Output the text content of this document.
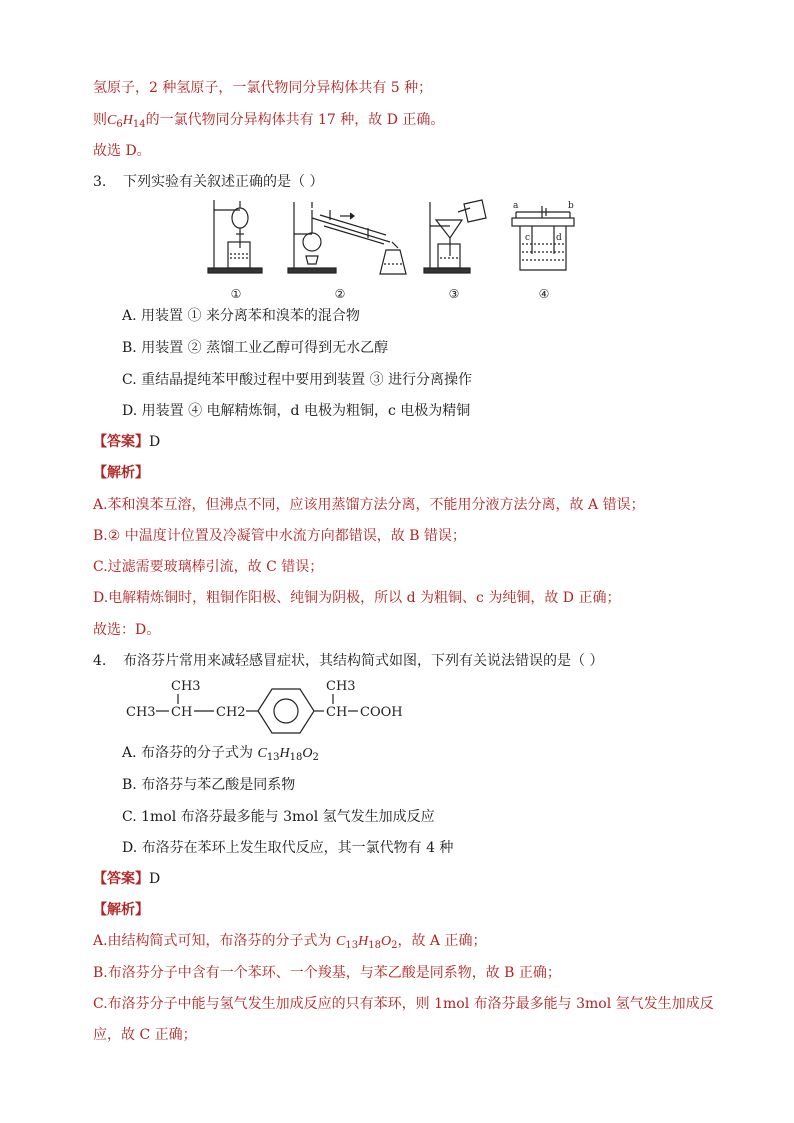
氢原子，2 种氢原子，一氯代物同分异构体共有 5 种；
则$C_6H_{14}$的一氯代物同分异构体共有 17 种，故 D 正确。
故选 D。
3. 下列实验有关叙述正确的是（ ）
a	b
c	d
①	②	③	④
A. 用装置 ① 来分离苯和溴苯的混合物
B. 用装置 ② 蒸馏工业乙醇可得到无水乙醇
C. 重结晶提纯苯甲酸过程中要用到装置 ③ 进行分离操作
D. 用装置 ④ 电解精炼铜，d 电极为粗铜，c 电极为精铜
【答案】D
【解析】
A.苯和溴苯互溶，但沸点不同，应该用蒸馏方法分离，不能用分液方法分离，故 A 错误；
B.② 中温度计位置及冷凝管中水流方向都错误，故 B 错误；
C.过滤需要玻璃棒引流，故 C 错误；
D.电解精炼铜时，粗铜作阳极、纯铜为阴极，所以 d 为粗铜、c 为纯铜，故 D 正确；
故选：D。
4. 布洛芬片常用来减轻感冒症状，其结构简式如图，下列有关说法错误的是（ ）
CH3
CH3 CH CH2
CH3
CH COOH
A. 布洛芬的分子式为 $C_{13}H_{18}O_2$
B. 布洛芬与苯乙酸是同系物
C. 1mol 布洛芬最多能与 3mol 氢气发生加成反应
D. 布洛芬在苯环上发生取代反应，其一氯代物有 4 种
【答案】D
【解析】
A.由结构简式可知，布洛芬的分子式为 $C_{13}H_{18}O_2$，故 A 正确；
B.布洛芬分子中含有一个苯环、一个羧基，与苯乙酸是同系物，故 B 正确；
C.布洛芬分子中能与氢气发生加成反应的只有苯环，则 1mol 布洛芬最多能与 3mol 氢气发生加成反
应，故 C 正确；
